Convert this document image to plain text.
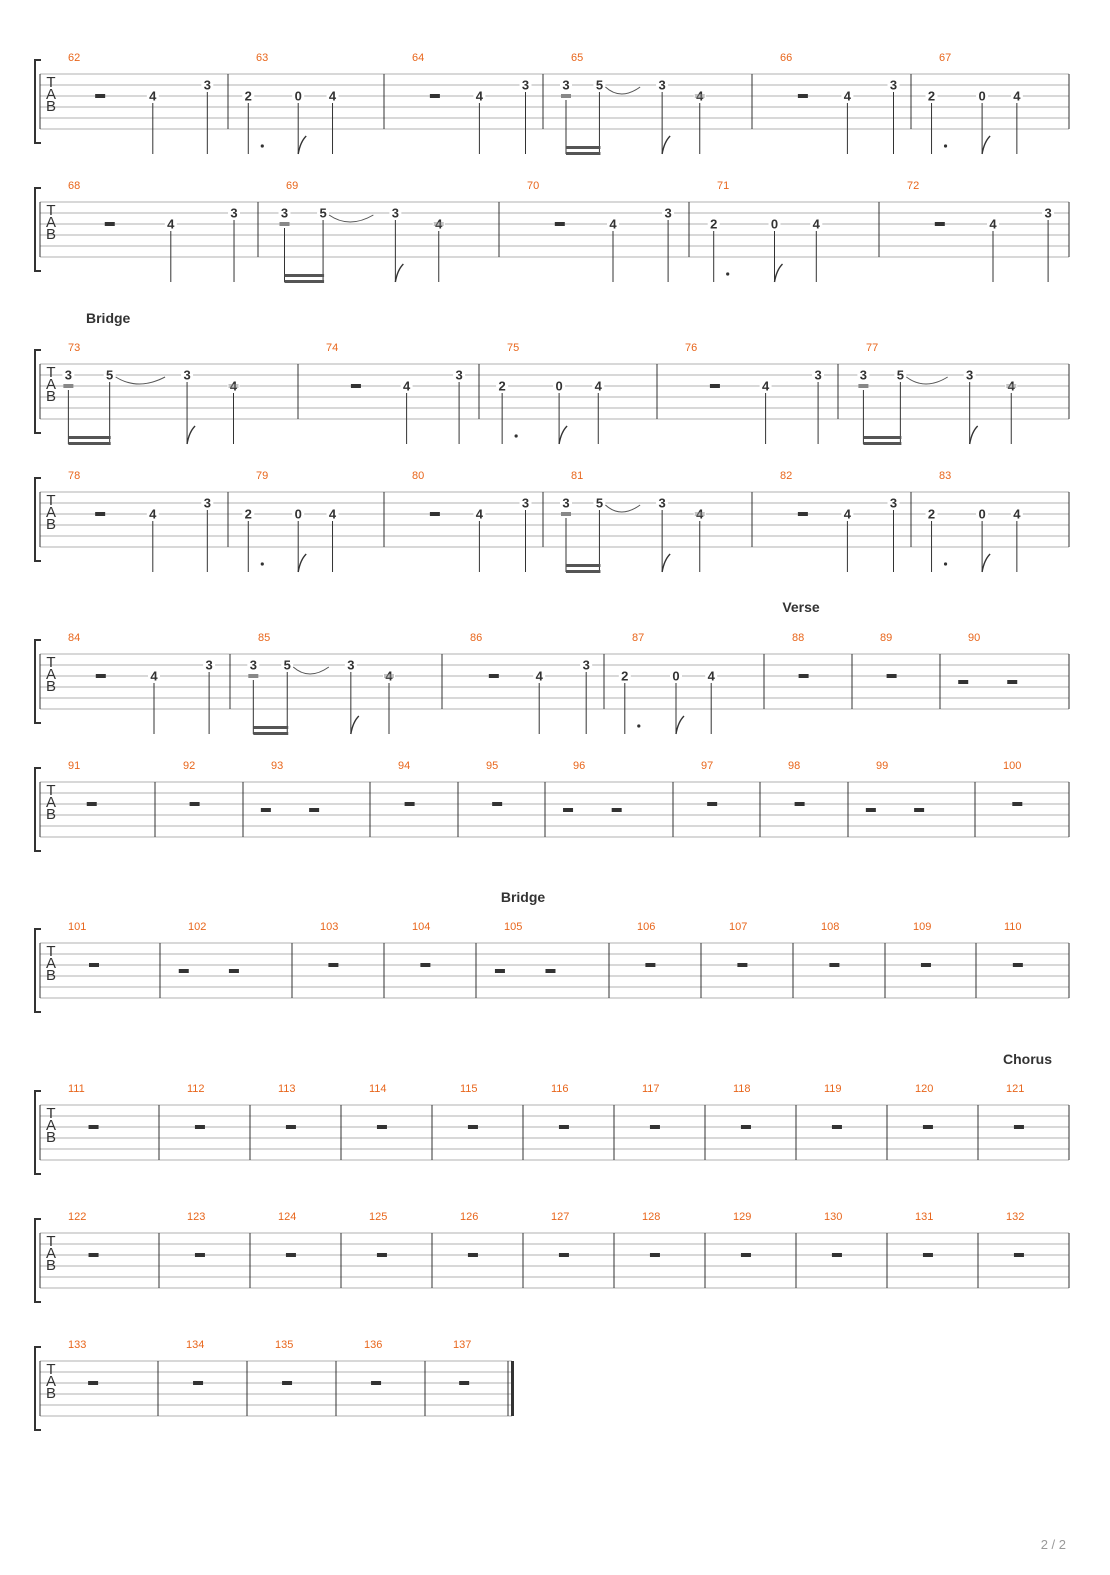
Bridge
Verse
Bridge
Chorus
T
A
B
62
4
3
63
2	0 4
64
4
3
65
3 5	3
66
4
3
67
2	0 4
T
A
B
68
4
3
69
3 5	3
70
4
3
71
2	0	4
72
4
3
T
A
B
73
3	5	3
74
4
3
75
2	0 4
76
4
3
77
3 5	3
T
A
B
78
4
3
79
2	0 4
80
4
3
81
3 5	3
82
4
3
83
2	0 4
T
A
B
84
4
3
85
3 5	3
86
4
3
87
2	0 4
88	89	90
T
A
B
91	92	93	94	95	96	97	98	99	100
T
A
B
101	102	103	104	105	106	107	108	109	110
T
A
B
111	112	113	114	115	116	117	118	119	120	121
T
A
B
122	123	124	125	126	127	128	129	130	131	132
T
A
B
133	134	135	136	137
2 / 2
